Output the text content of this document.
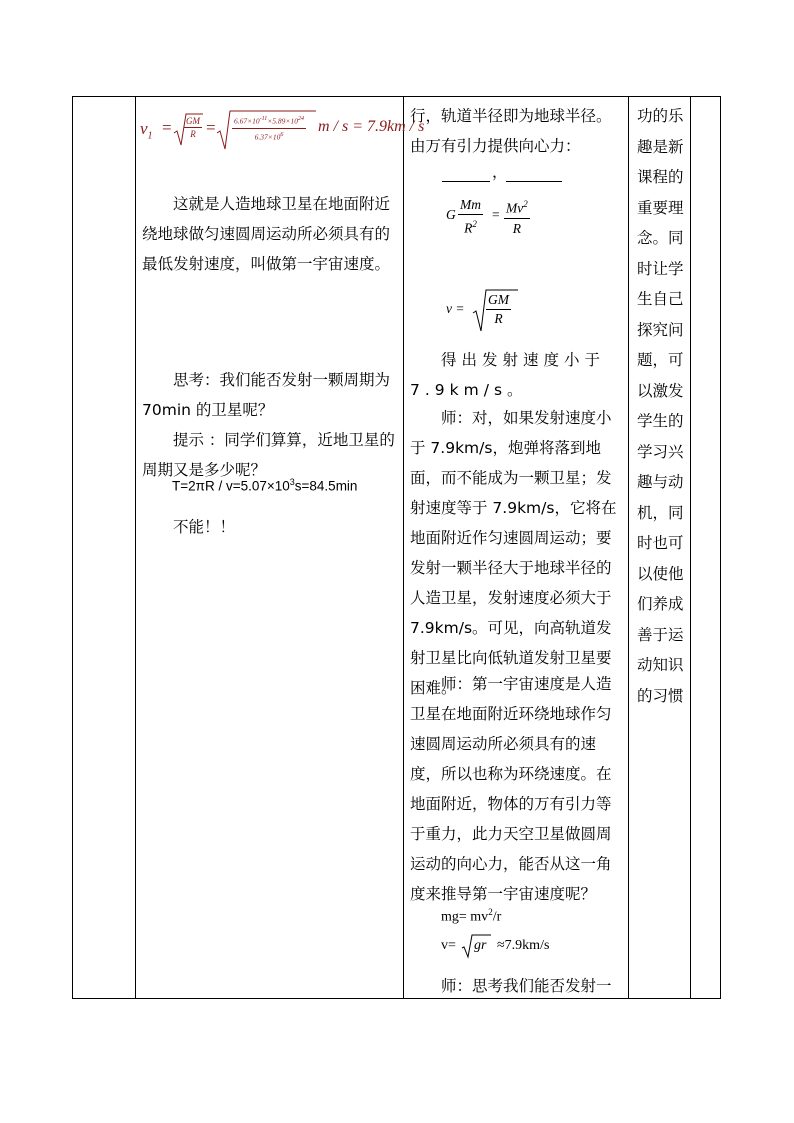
$v_1 = \frac{GM}{R} = \frac{6.67\times 10^{-11}\times 5.89\times 10^{24}}{6.37\times 10^6}$ m / s = 7.9km / s

这就是人造地球卫星在地面附近绕地球做匀速圆周运动所必须具有的最低发射速度，叫做第一宇宙速度。

思考：我们能否发射一颗周期为70min 的卫星呢？

提示 ：同学们算算，近地卫星的周期又是多少呢？

$T=2\pi R / v=5.07\times 10^3s=84.5\min$

不能！！

行，轨道半径即为地球半径。

由万有引力提供向心力：

，
G $\frac{Mm}{R^2} = \frac{Mv^2}{R}$
$v = \frac{GM}{R}$

得出发射速度小于7.9km/s。

师：对，如果发射速度小于 7.9km/s，炮弹将落到地面，而不能成为一颗卫星；发射速度等于 7.9km/s，它将在地面附近作匀速圆周运动；要发射一颗半径大于地球半径的人造卫星，发射速度必须大于 7.9km/s。可见，向高轨道发射卫星比向低轨道发射卫星要困难。

师：第一宇宙速度是人造卫星在地面附近环绕地球作匀速圆周运动所必须具有的速度，所以也称为环绕速度。在地面附近，物体的万有引力等于重力，此力天空卫星做圆周运动的向心力，能否从这一角度来推导第一宇宙速度呢？

$mg= mv^2/r$

v= gr ≈7.9km/s

师：思考我们能否发射一

功的乐趣是新课程的重要理念。同时让学生自己探究问题，可以激发学生的学习兴趣与动机，同时也可以使他们养成善于运动知识的习惯
